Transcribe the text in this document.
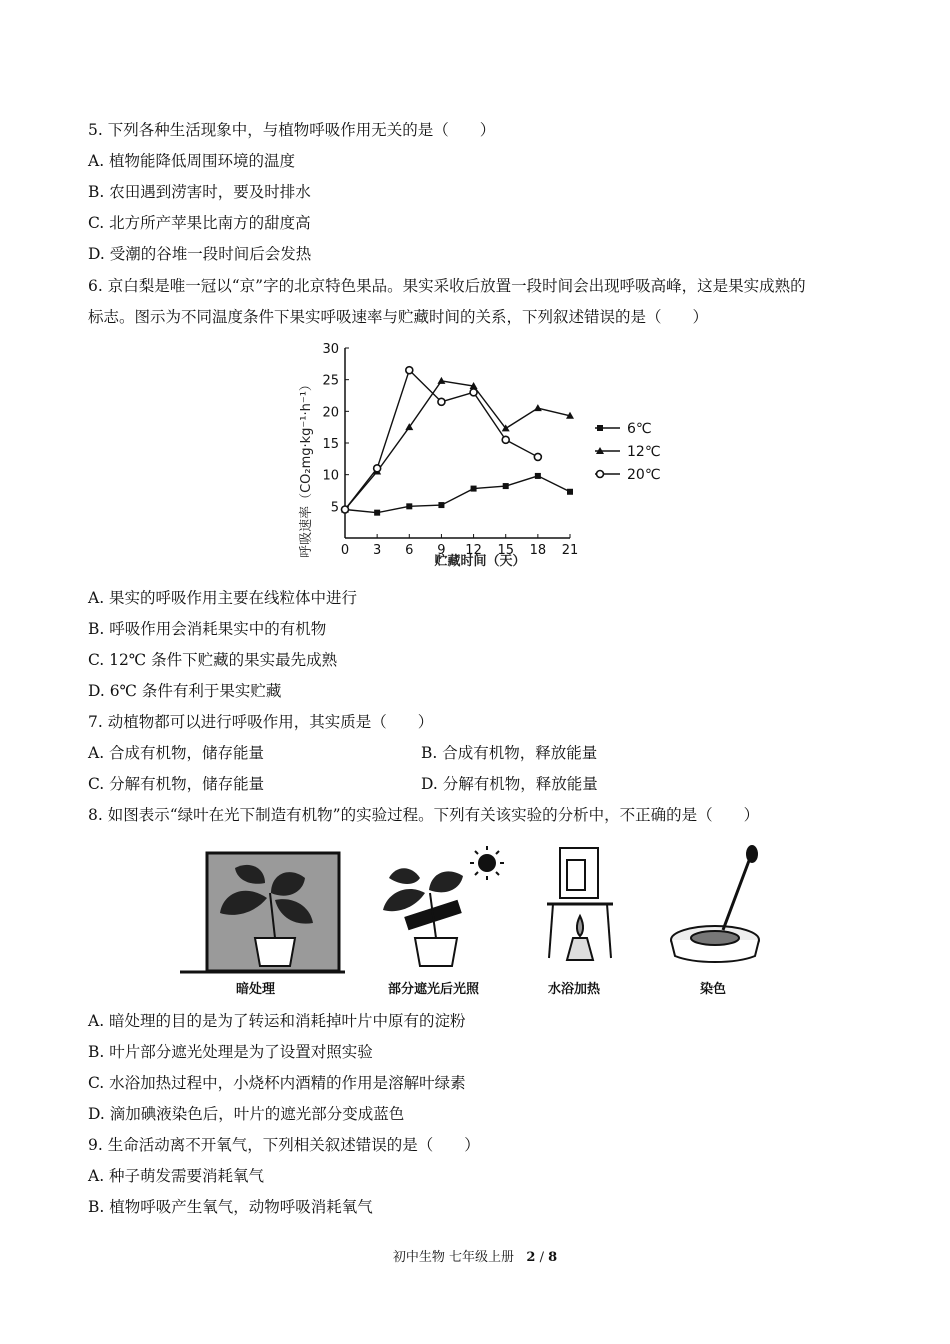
5. 下列各种生活现象中，与植物呼吸作用无关的是（　　）
A. 植物能降低周围环境的温度
B. 农田遇到涝害时，要及时排水
C. 北方所产苹果比南方的甜度高
D. 受潮的谷堆一段时间后会发热
6. 京白梨是唯一冠以“京”字的北京特色果品。果实采收后放置一段时间会出现呼吸高峰，这是果实成熟的
标志。图示为不同温度条件下果实呼吸速率与贮藏时间的关系，下列叙述错误的是（　　）
0 3 6 9 12 15 18 21
5
10
15
20
25
30
6℃
12℃
20℃
呼吸速率（CO₂mg·kg⁻¹·h⁻¹）
贮藏时间（天）
A. 果实的呼吸作用主要在线粒体中进行
B. 呼吸作用会消耗果实中的有机物
C. 12℃ 条件下贮藏的果实最先成熟
D. 6℃ 条件有利于果实贮藏
7. 动植物都可以进行呼吸作用，其实质是（　　）
A. 合成有机物，储存能量	B. 合成有机物，释放能量
C. 分解有机物，储存能量	D. 分解有机物，释放能量
8. 如图表示“绿叶在光下制造有机物”的实验过程。下列有关该实验的分析中，不正确的是（　　）
暗处理	部分遮光后光照	水浴加热	染色
A. 暗处理的目的是为了转运和消耗掉叶片中原有的淀粉
B. 叶片部分遮光处理是为了设置对照实验
C. 水浴加热过程中，小烧杯内酒精的作用是溶解叶绿素
D. 滴加碘液染色后，叶片的遮光部分变成蓝色
9. 生命活动离不开氧气，下列相关叙述错误的是（　　）
A. 种子萌发需要消耗氧气
B. 植物呼吸产生氧气，动物呼吸消耗氧气
初中生物 七年级上册 2 / 8
